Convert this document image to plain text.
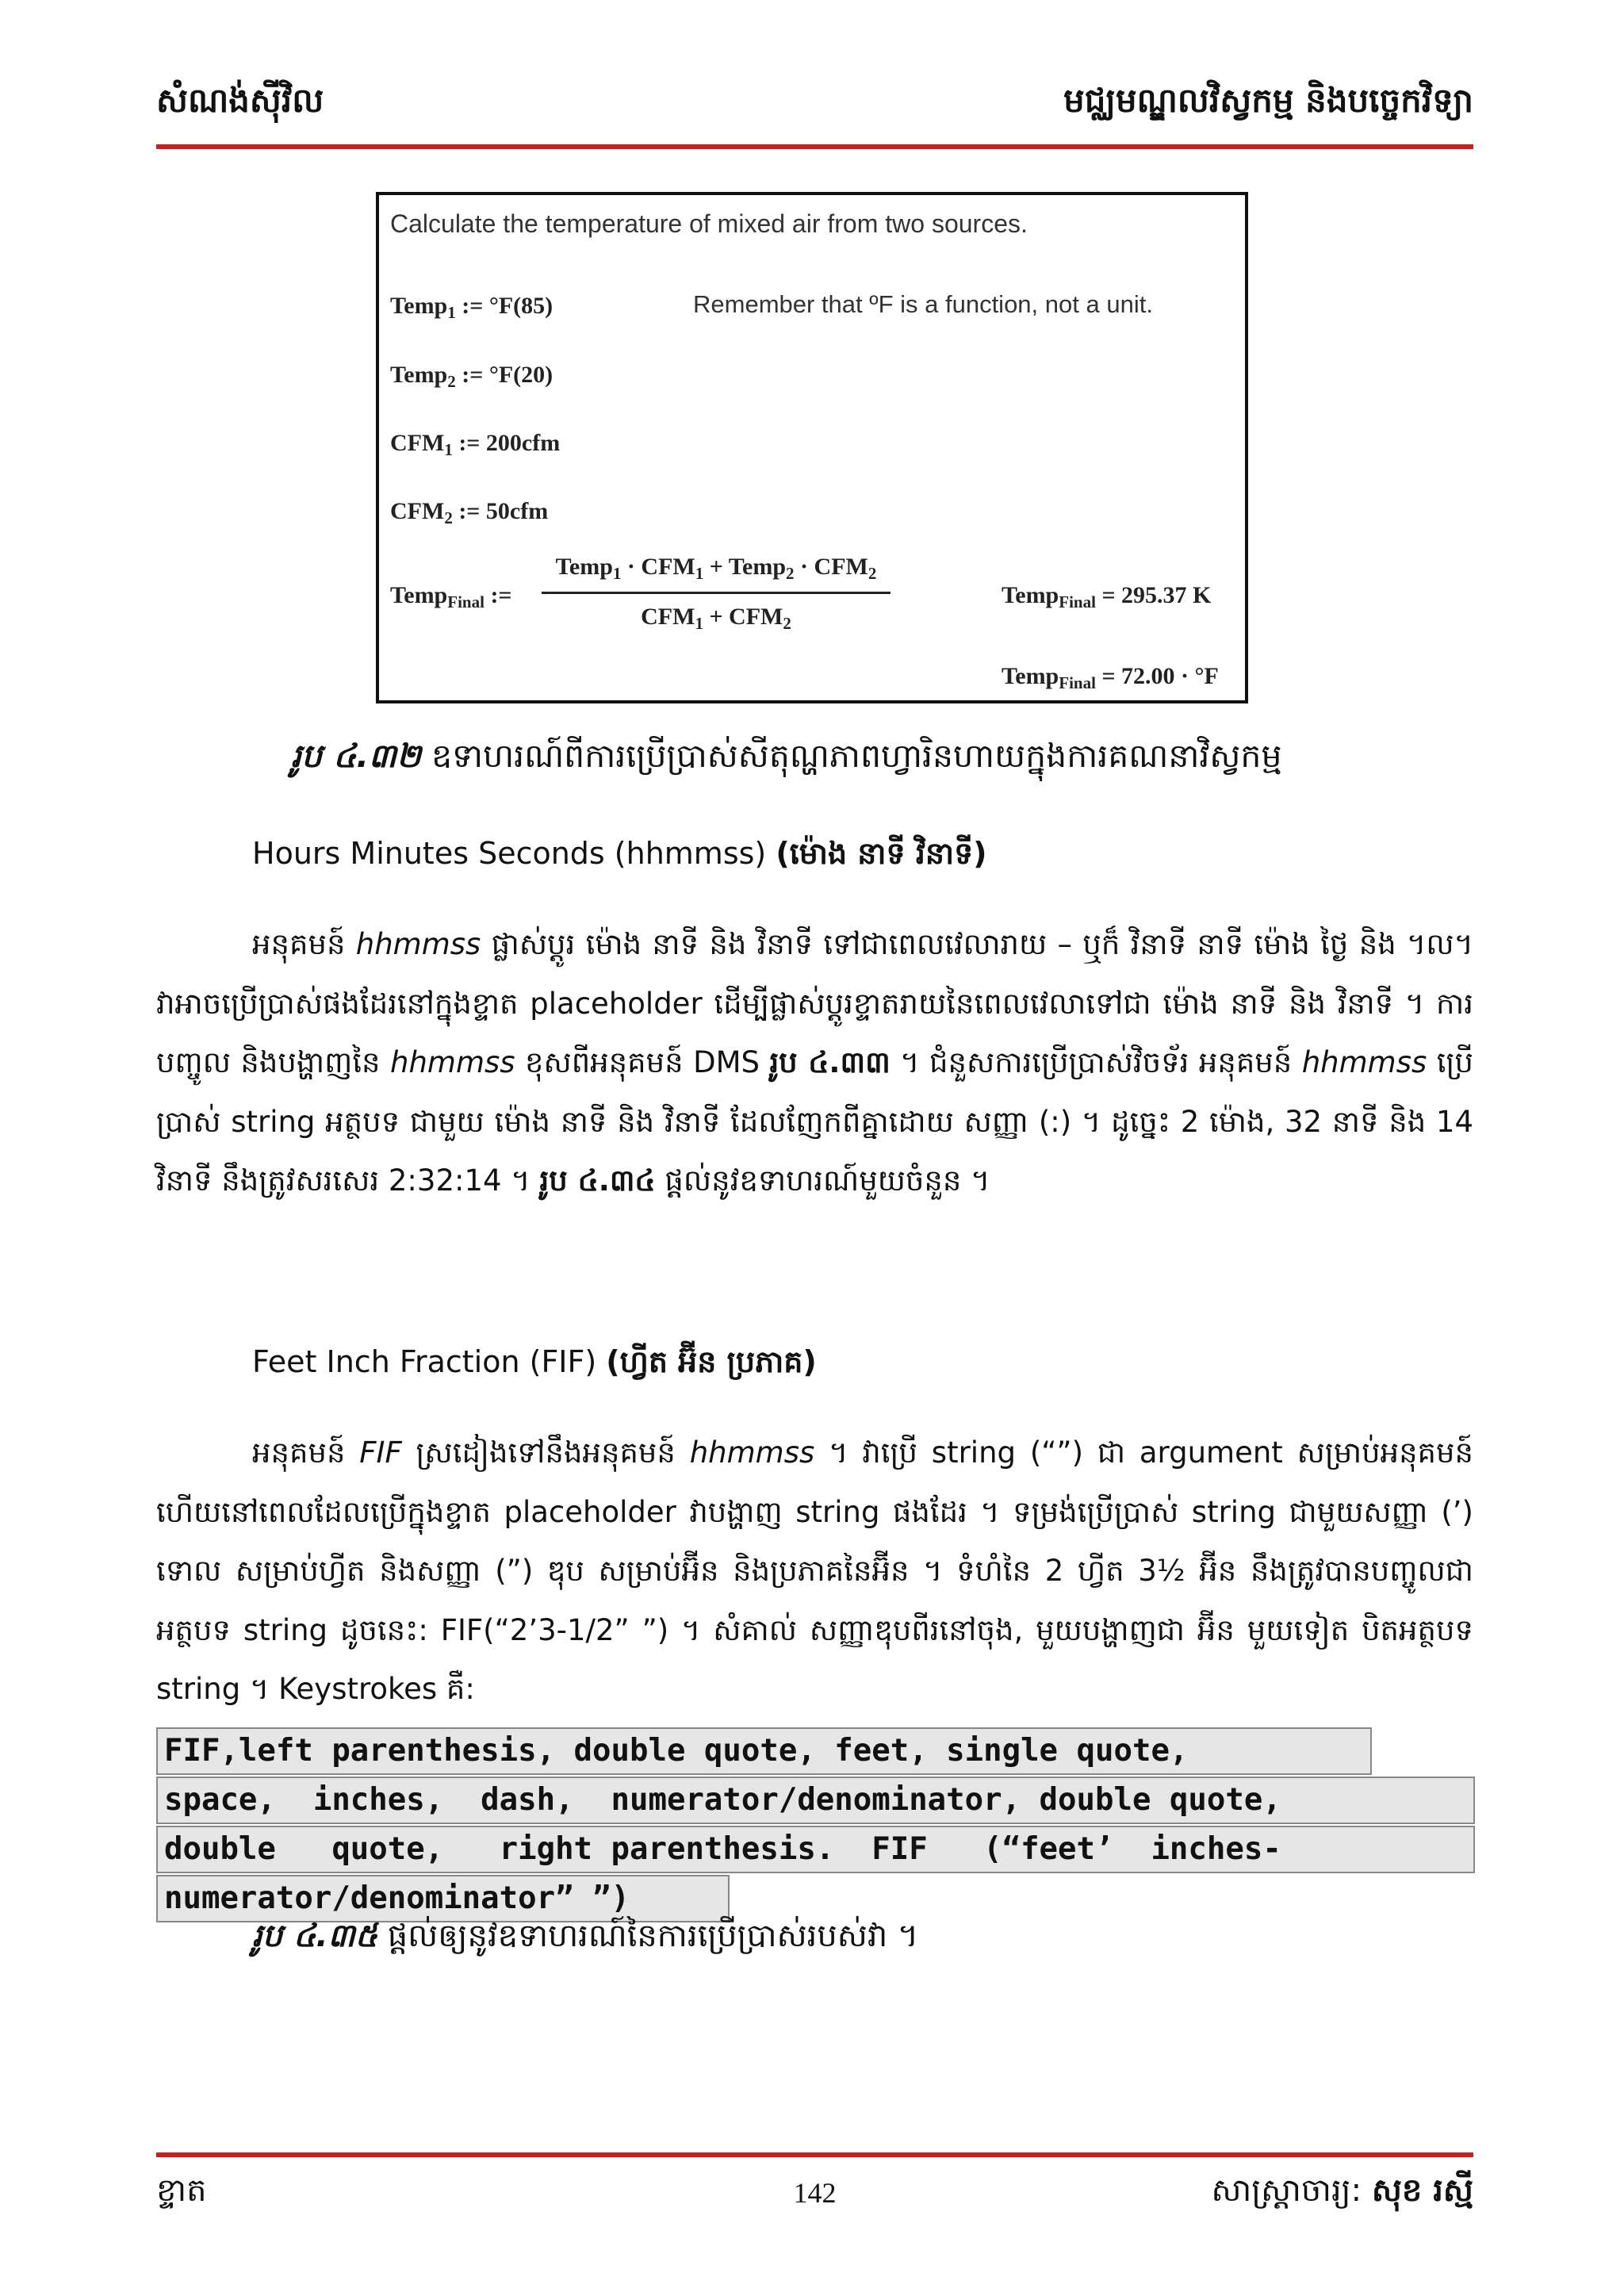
សំណង់ស៊ីវិល	មជ្ឈមណ្ឌលវិស្វកម្ម និងបច្ចេកវិទ្យា
Calculate the temperature of mixed air from two sources.
Remember that ºF is a function, not a unit.
Temp$_1$ := °F(85)
Temp$_2$ := °F(20)
$CFM_1$ := 200cfm
$CFM_2$ := 50cfm
Temp$_{Final}$ :=
Temp$_1$ · $CFM_1$ + Temp$_2$ · $CFM_2$
$CFM_1 + CFM_2$
Temp$_{Final}$ = 295.37 K
Temp$_{Final}$ = 72.00 · °F
រូប ៤.៣២ ឧទាហរណ៍ពីការប្រើប្រាស់សីតុណ្ហភាពហ្វារិនហាយក្នុងការគណនាវិស្វកម្ម
Hours Minutes Seconds (hhmmss) (ម៉ោង នាទី វិនាទី)
អនុគមន៍ hhmmss ផ្លាស់ប្តូរ ម៉ោង នាទី និង វិនាទី ទៅជាពេលវេលារាយ – ឬក៏ វិនាទី នាទី ម៉ោង ថ្ងៃ និង ។ល។ វាអាចប្រើប្រាស់ផងដែរនៅក្នុងខ្ទាត placeholder ដើម្បីផ្លាស់ប្តូរខ្ទាតរាយនៃពេលវេលាទៅជា ម៉ោង នាទី និង វិនាទី ។ ការបញ្ចូល និងបង្ហាញនៃ hhmmss ខុសពីអនុគមន៍ DMS រូប ៤.៣៣ ។ ជំនួសការប្រើប្រាស់វិចទ័រ អនុគមន៍ hhmmss ប្រើប្រាស់ string អត្ថបទ ជាមួយ ម៉ោង នាទី និង វិនាទី ដែលញែកពីគ្នាដោយ សញ្ញា (:) ។ ដូច្នេះ 2 ម៉ោង, 32 នាទី និង 14 វិនាទី នឹងត្រូវសរសេរ 2:32:14 ។ រូប ៤.៣៤ ផ្តល់នូវឧទាហរណ៍មួយចំនួន ។
Feet Inch Fraction (FIF) (ហ្វីត អ៊ីន ប្រភាគ)
អនុគមន៍ FIF ស្រដៀងទៅនឹងអនុគមន៍ hhmmss ។ វាប្រើ string (“”) ជា argument សម្រាប់អនុគមន៍ ហើយនៅពេលដែលប្រើក្នុងខ្ទាត placeholder វាបង្ហាញ string ផងដែរ ។ ទម្រង់ប្រើប្រាស់ string ជាមួយសញ្ញា (’) ទោល សម្រាប់ហ្វីត និងសញ្ញា (”) ឌុប សម្រាប់អ៊ីន និងប្រភាគនៃអ៊ីន ។ ទំហំនៃ 2 ហ្វីត 3½ អ៊ីន នឹងត្រូវបានបញ្ចូលជាអត្ថបទ string ដូចនេះ: FIF(“2’3-1/2” ”) ។ សំគាល់ សញ្ញាឌុបពីរនៅចុង, មួយបង្ហាញជា អ៊ីន មួយទៀត បិតអត្ថបទ string ។ Keystrokes គឺ:
FIF,left parenthesis, double quote, feet, single quote,
space,  inches,  dash,  numerator/denominator, double quote,
double   quote,   right parenthesis.  FIF   (“feet’  inches-
numerator/denominator” ”)
រូប ៤.៣៥ ផ្តល់ឲ្យនូវឧទាហរណ៍នៃការប្រើប្រាស់របស់វា ។
ខ្ទាត	142	សាស្ត្រាចារ្យ: សុខ រស្មី
